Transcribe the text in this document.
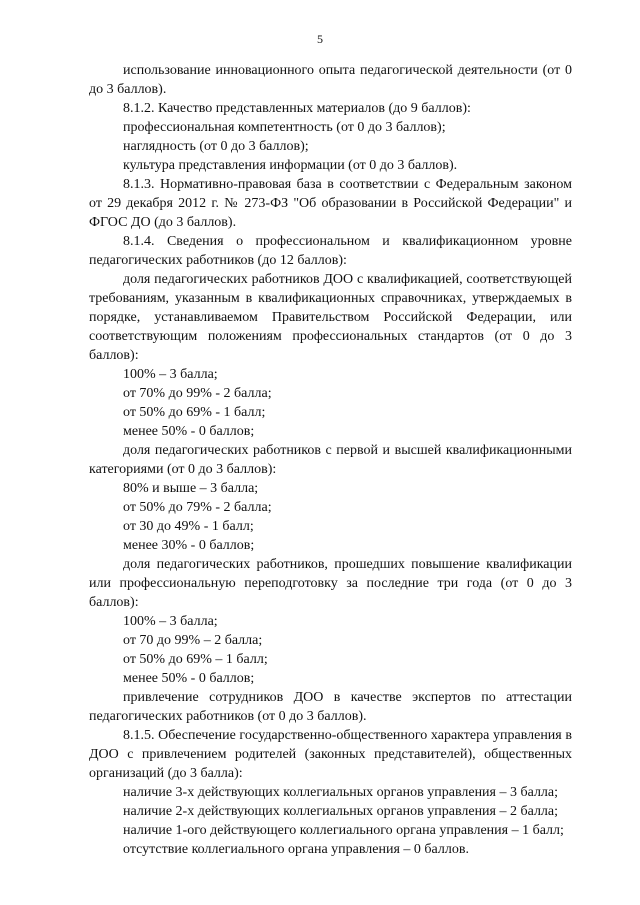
5

использование инновационного опыта педагогической деятельности (от 0 до 3 баллов).

8.1.2. Качество представленных материалов (до 9 баллов):

профессиональная компетентность (от 0 до 3 баллов);

наглядность (от 0 до 3 баллов);

культура представления информации (от 0 до 3 баллов).

8.1.3. Нормативно-правовая база в соответствии с Федеральным законом от 29 декабря 2012 г. № 273-ФЗ "Об образовании в Российской Федерации" и ФГОС ДО (до 3 баллов).

8.1.4. Сведения о профессиональном и квалификационном уровне педагогических работников (до 12 баллов):

доля педагогических работников ДОО с квалификацией, соответствующей требованиям, указанным в квалификационных справочниках, утверждаемых в порядке, устанавливаемом Правительством Российской Федерации, или соответствующим положениям профессиональных стандартов (от 0 до 3 баллов):

100% – 3 балла;

от 70% до 99% - 2 балла;

от 50% до 69% - 1 балл;

менее 50% - 0 баллов;

доля педагогических работников с первой и высшей квалификационными категориями (от 0 до 3 баллов):

80% и выше – 3 балла;

от 50% до 79% - 2 балла;

от 30 до 49% - 1 балл;

менее 30% - 0 баллов;

доля педагогических работников, прошедших повышение квалификации или профессиональную переподготовку за последние три года (от 0 до 3 баллов):

100% – 3 балла;

от 70 до 99% – 2 балла;

от 50% до 69% – 1 балл;

менее 50% - 0 баллов;

привлечение сотрудников ДОО в качестве экспертов по аттестации педагогических работников (от 0 до 3 баллов).

8.1.5. Обеспечение государственно-общественного характера управления в ДОО с привлечением родителей (законных представителей), общественных организаций (до 3 балла):

наличие 3-х действующих коллегиальных органов управления – 3 балла;

наличие 2-х действующих коллегиальных органов управления – 2 балла;

наличие 1-ого действующего коллегиального органа управления – 1 балл;

отсутствие коллегиального органа управления – 0 баллов.
